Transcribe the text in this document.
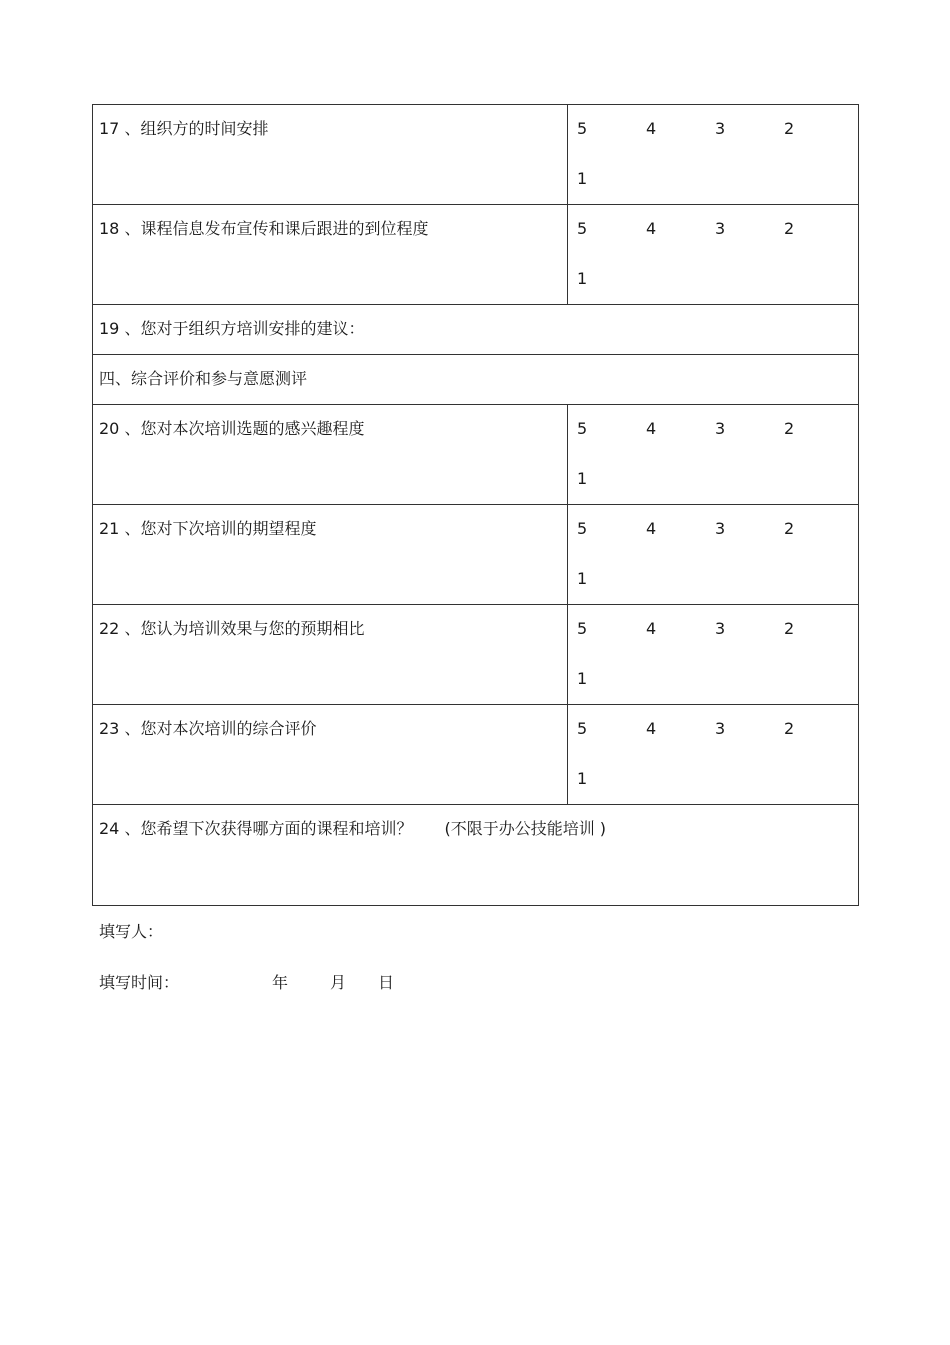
17 、组织方的时间安排	5 4 3 2
1

18 、课程信息发布宣传和课后跟进的到位程度	5 4 3 2
1

19 、您对于组织方培训安排的建议：	

四、综合评价和参与意愿测评	

20 、您对本次培训选题的感兴趣程度	5 4 3 2
1

21 、您对下次培训的期望程度	5 4 3 2
1

22 、您认为培训效果与您的预期相比	5 4 3 2
1

23 、您对本次培训的综合评价	5 4 3 2
1

24 、您希望下次获得哪方面的课程和培训？ (不限于办公技能培训 )	
填写人：
填写时间：	年	月 日
